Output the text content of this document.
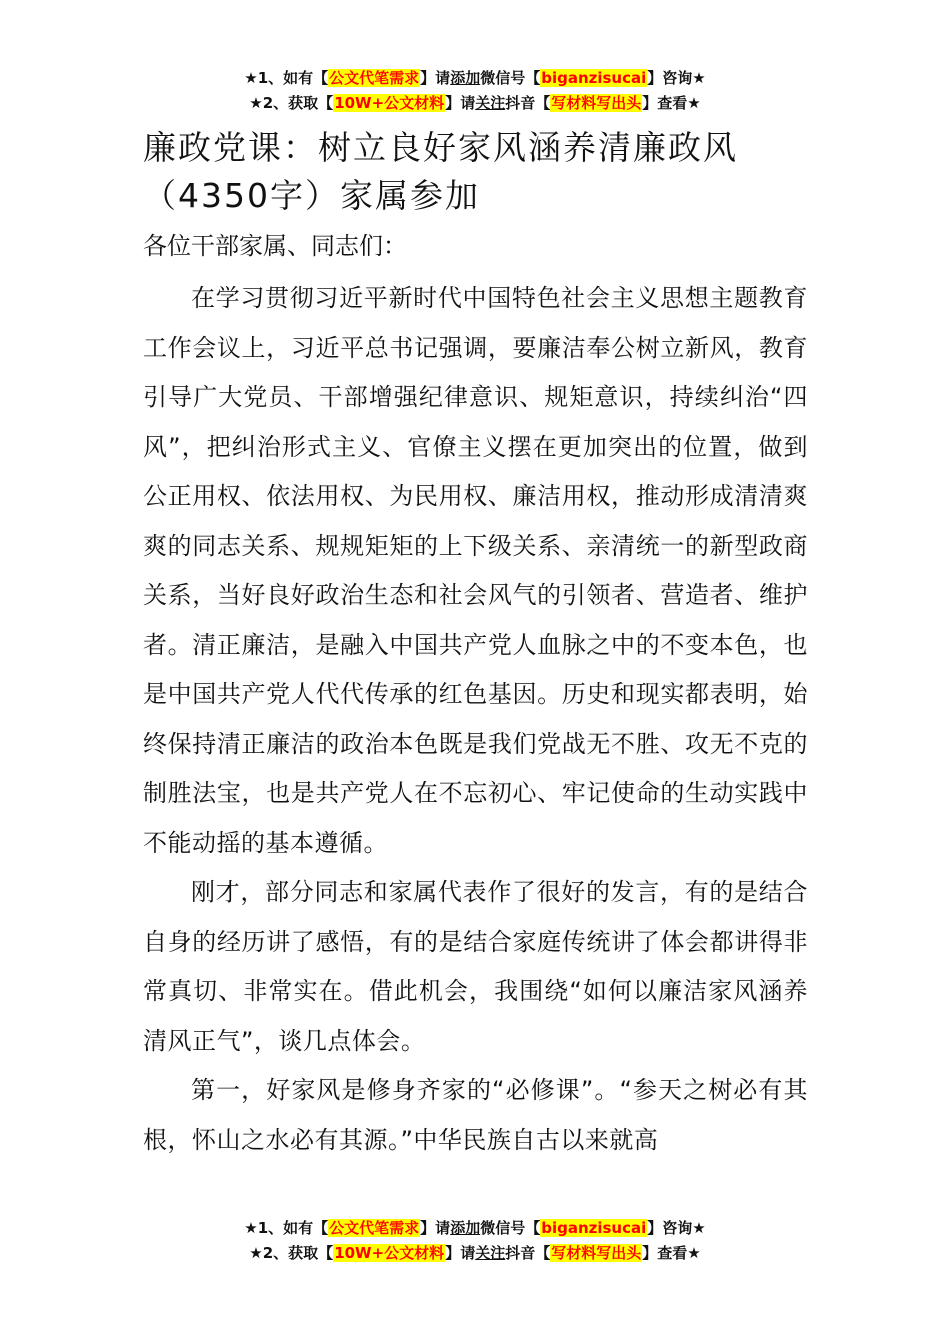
★1、如有【公文代笔需求】请添加微信号【biganzisucai】咨询★
★2、获取【10W+公文材料】请关注抖音【写材料写出头】查看★
廉政党课：树立良好家风涵养清廉政风（4350字）家属参加

各位干部家属、同志们：

在学习贯彻习近平新时代中国特色社会主义思想主题教育工作会议上，习近平总书记强调，要廉洁奉公树立新风，教育引导广大党员、干部增强纪律意识、规矩意识，持续纠治“四风”，把纠治形式主义、官僚主义摆在更加突出的位置，做到公正用权、依法用权、为民用权、廉洁用权，推动形成清清爽爽的同志关系、规规矩矩的上下级关系、亲清统一的新型政商关系，当好良好政治生态和社会风气的引领者、营造者、维护者。清正廉洁，是融入中国共产党人血脉之中的不变本色，也是中国共产党人代代传承的红色基因。历史和现实都表明，始终保持清正廉洁的政治本色既是我们党战无不胜、攻无不克的制胜法宝，也是共产党人在不忘初心、牢记使命的生动实践中不能动摇的基本遵循。

刚才，部分同志和家属代表作了很好的发言，有的是结合自身的经历讲了感悟，有的是结合家庭传统讲了体会都讲得非常真切、非常实在。借此机会，我围绕“如何以廉洁家风涵养清风正气”，谈几点体会。

第一，好家风是修身齐家的“必修课”。“参天之树必有其根，怀山之水必有其源。”中华民族自古以来就高

★1、如有【公文代笔需求】请添加微信号【biganzisucai】咨询★
★2、获取【10W+公文材料】请关注抖音【写材料写出头】查看★
